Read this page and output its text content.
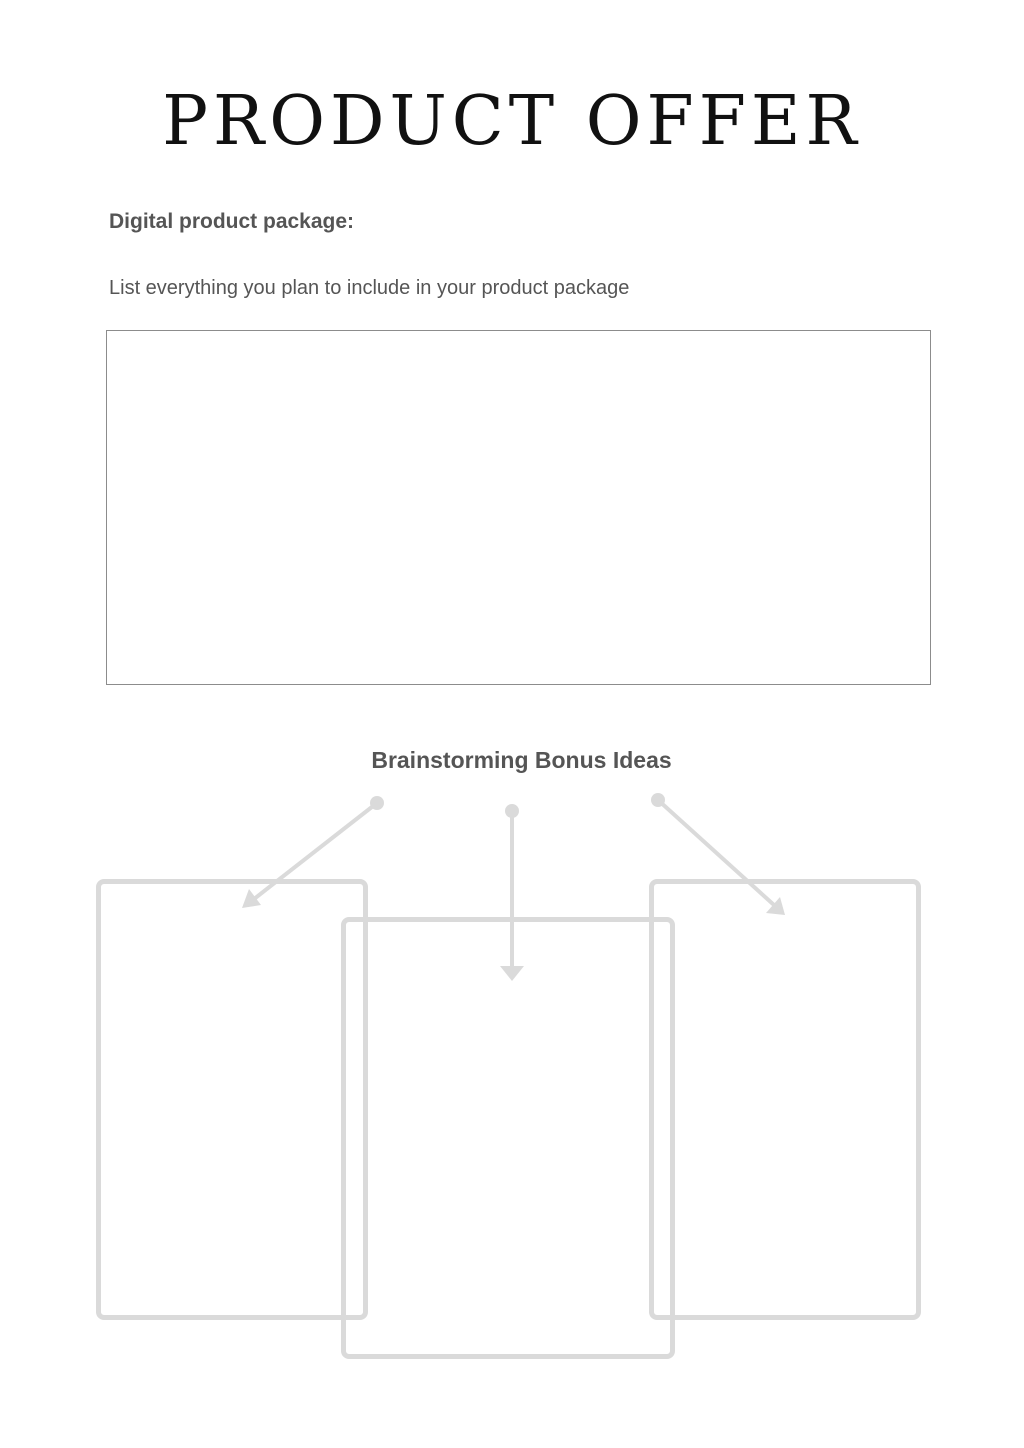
PRODUCT OFFER

Digital product package:

List everything you plan to include in your product package

Brainstorming Bonus Ideas
